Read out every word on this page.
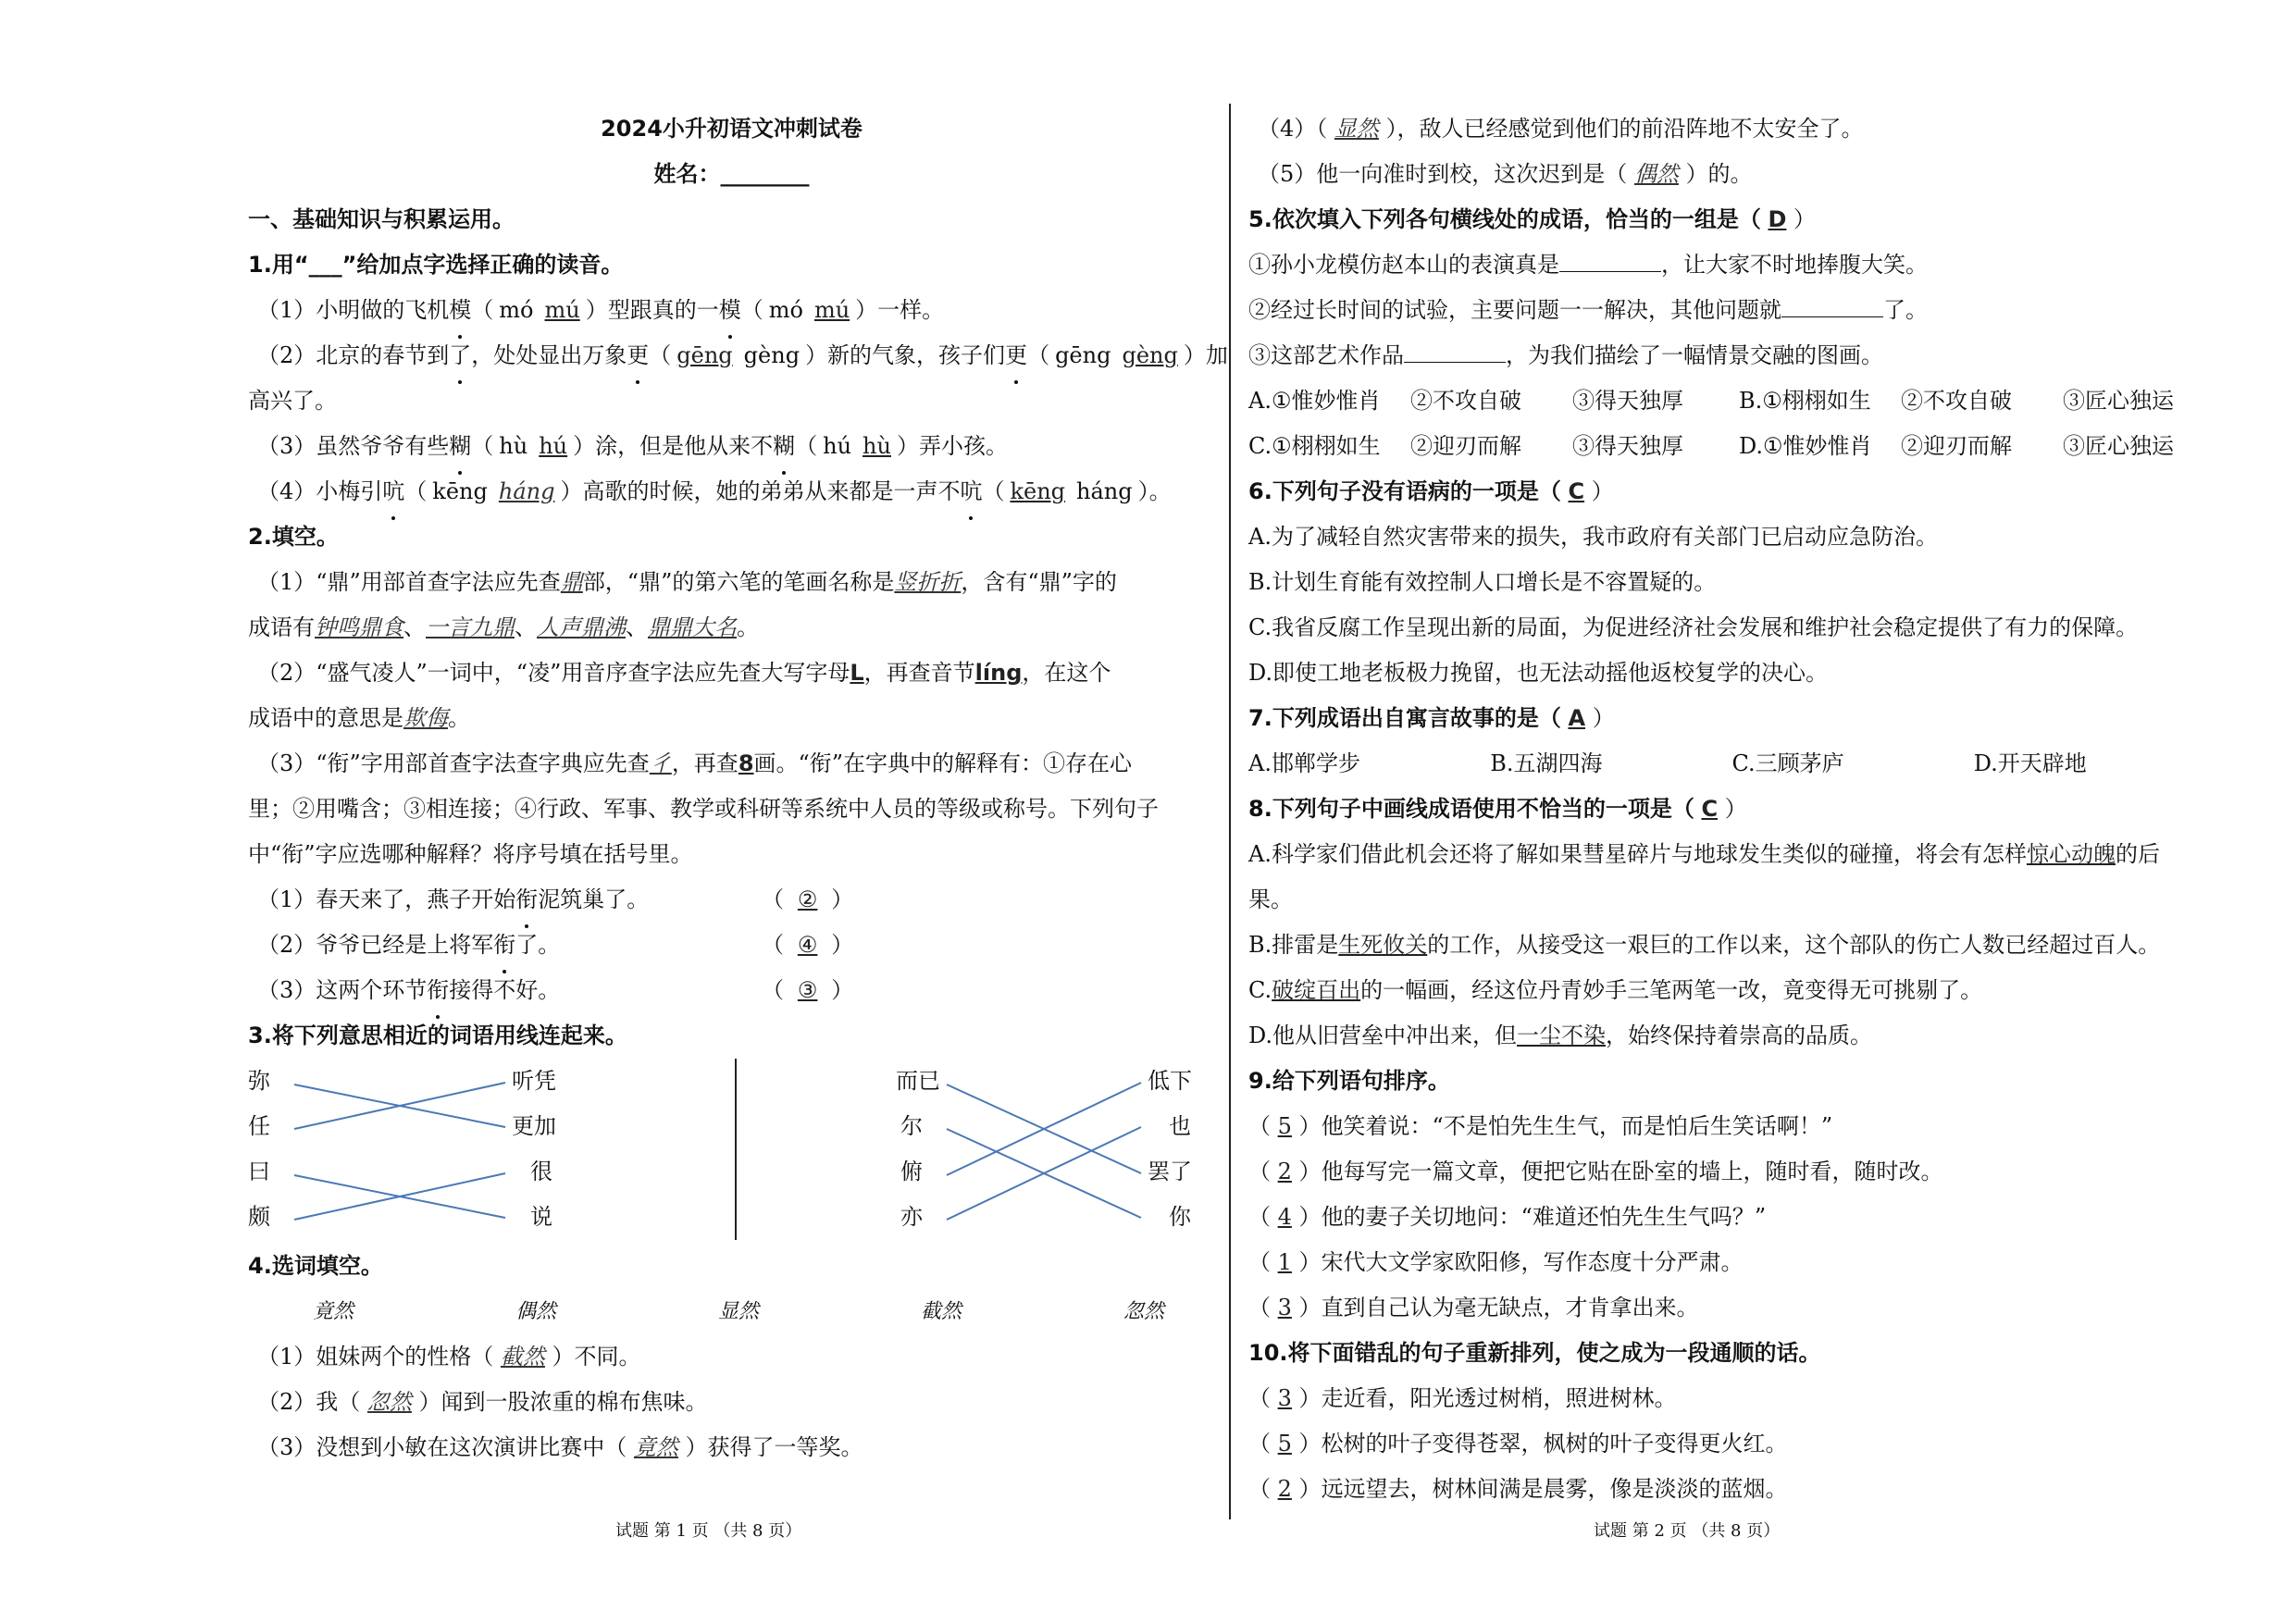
2024小升初语文冲刺试卷
姓名：________
一、基础知识与积累运用。
1.用“___”给加点字选择正确的读音。
（1）小明做的飞机模（ mó mú ）型跟真的一模（ mó mú ）一样。
（2）北京的春节到了，处处显出万象更（ gēng gèng ）新的气象，孩子们更（ gēng gèng ）加
高兴了。
（3）虽然爷爷有些糊（ hù hú ）涂，但是他从来不糊（ hú hù ）弄小孩。
（4）小梅引吭（ kēng háng ）高歌的时候，她的弟弟从来都是一声不吭（ kēng háng ）。
2.填空。
（1）“鼎”用部首查字法应先查鼎部，“鼎”的第六笔的笔画名称是竖折折，含有“鼎”字的
成语有钟鸣鼎食、一言九鼎、人声鼎沸、鼎鼎大名。
（2）“盛气凌人”一词中，“凌”用音序查字法应先查大写字母L，再查音节líng，在这个
成语中的意思是欺侮。
（3）“衔”字用部首查字法查字典应先查彳，再查8画。“衔”在字典中的解释有：①存在心
里；②用嘴含；③相连接；④行政、军事、教学或科研等系统中人员的等级或称号。下列句子
中“衔”字应选哪种解释？将序号填在括号里。
（1）春天来了，燕子开始衔泥筑巢了。	（ ② ）
（2）爷爷已经是上将军衔了。	（ ④ ）
（3）这两个环节衔接得不好。	（ ③ ）
3.将下列意思相近的词语用线连起来。
弥
任
曰
颇
听凭
更加
很
说
而已
尔
俯
亦
低下
也
罢了
你
4.选词填空。
竟然	偶然	显然	截然	忽然
（1）姐妹两个的性格（ 截然 ）不同。
（2）我（ 忽然 ）闻到一股浓重的棉布焦味。
（3）没想到小敏在这次演讲比赛中（ 竟然 ）获得了一等奖。
试题 第 1 页 （共 8 页）
（4）（ 显然 ），敌人已经感觉到他们的前沿阵地不太安全了。
（5）他一向准时到校，这次迟到是（ 偶然 ）的。
5.依次填入下列各句横线处的成语，恰当的一组是（ D ）
①孙小龙模仿赵本山的表演真是	，让大家不时地捧腹大笑。
②经过长时间的试验，主要问题一一解决，其他问题就	了。
③这部艺术作品	，为我们描绘了一幅情景交融的图画。
A.①惟妙惟肖 ②不攻自破 ③得天独厚	B.①栩栩如生 ②不攻自破 ③匠心独运
C.①栩栩如生 ②迎刃而解 ③得天独厚	D.①惟妙惟肖 ②迎刃而解 ③匠心独运
6.下列句子没有语病的一项是（ C ）
A.为了减轻自然灾害带来的损失，我市政府有关部门已启动应急防治。
B.计划生育能有效控制人口增长是不容置疑的。
C.我省反腐工作呈现出新的局面，为促进经济社会发展和维护社会稳定提供了有力的保障。
D.即使工地老板极力挽留，也无法动摇他返校复学的决心。
7.下列成语出自寓言故事的是（ A ）
A.邯郸学步	B.五湖四海	C.三顾茅庐	D.开天辟地
8.下列句子中画线成语使用不恰当的一项是（ C ）
A.科学家们借此机会还将了解如果彗星碎片与地球发生类似的碰撞，将会有怎样惊心动魄的后
果。
B.排雷是生死攸关的工作，从接受这一艰巨的工作以来，这个部队的伤亡人数已经超过百人。
C.破绽百出的一幅画，经这位丹青妙手三笔两笔一改，竟变得无可挑剔了。
D.他从旧营垒中冲出来，但一尘不染，始终保持着崇高的品质。
9.给下列语句排序。
（ 5 ）他笑着说：“不是怕先生生气，而是怕后生笑话啊！”
（ 2 ）他每写完一篇文章，便把它贴在卧室的墙上，随时看，随时改。
（ 4 ）他的妻子关切地问：“难道还怕先生生气吗？”
（ 1 ）宋代大文学家欧阳修，写作态度十分严肃。
（ 3 ）直到自己认为毫无缺点，才肯拿出来。
10.将下面错乱的句子重新排列，使之成为一段通顺的话。
（ 3 ）走近看，阳光透过树梢，照进树林。
（ 5 ）松树的叶子变得苍翠，枫树的叶子变得更火红。
（ 2 ）远远望去，树林间满是晨雾，像是淡淡的蓝烟。
试题 第 2 页 （共 8 页）
